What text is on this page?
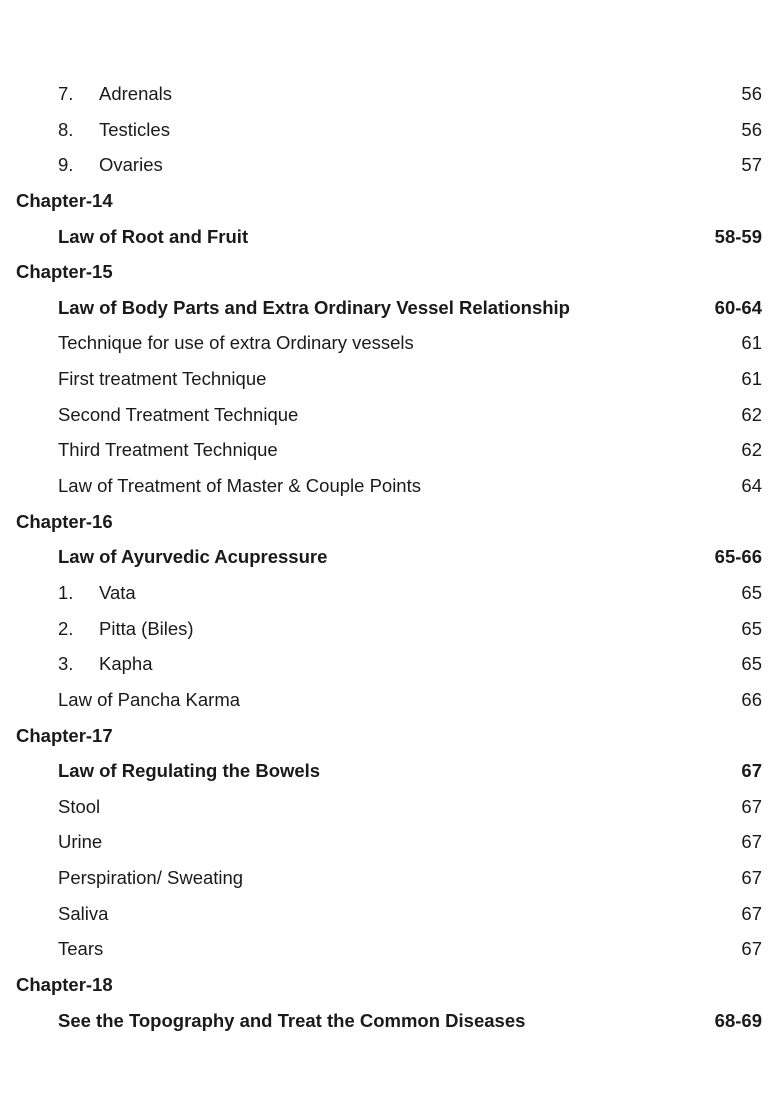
7. Adrenals	56
8. Testicles	56
9. Ovaries	57
Chapter-14
Law of Root and Fruit	58-59
Chapter-15
Law of Body Parts and Extra Ordinary Vessel Relationship	60-64
Technique for use of extra Ordinary vessels	61
First treatment Technique	61
Second Treatment Technique	62
Third Treatment Technique	62
Law of Treatment of Master & Couple Points	64
Chapter-16
Law of Ayurvedic Acupressure	65-66
1. Vata	65
2. Pitta (Biles)	65
3. Kapha	65
Law of Pancha Karma	66
Chapter-17
Law of Regulating the Bowels	67
Stool	67
Urine	67
Perspiration/ Sweating	67
Saliva	67
Tears	67
Chapter-18
See the Topography and Treat the Common Diseases	68-69
